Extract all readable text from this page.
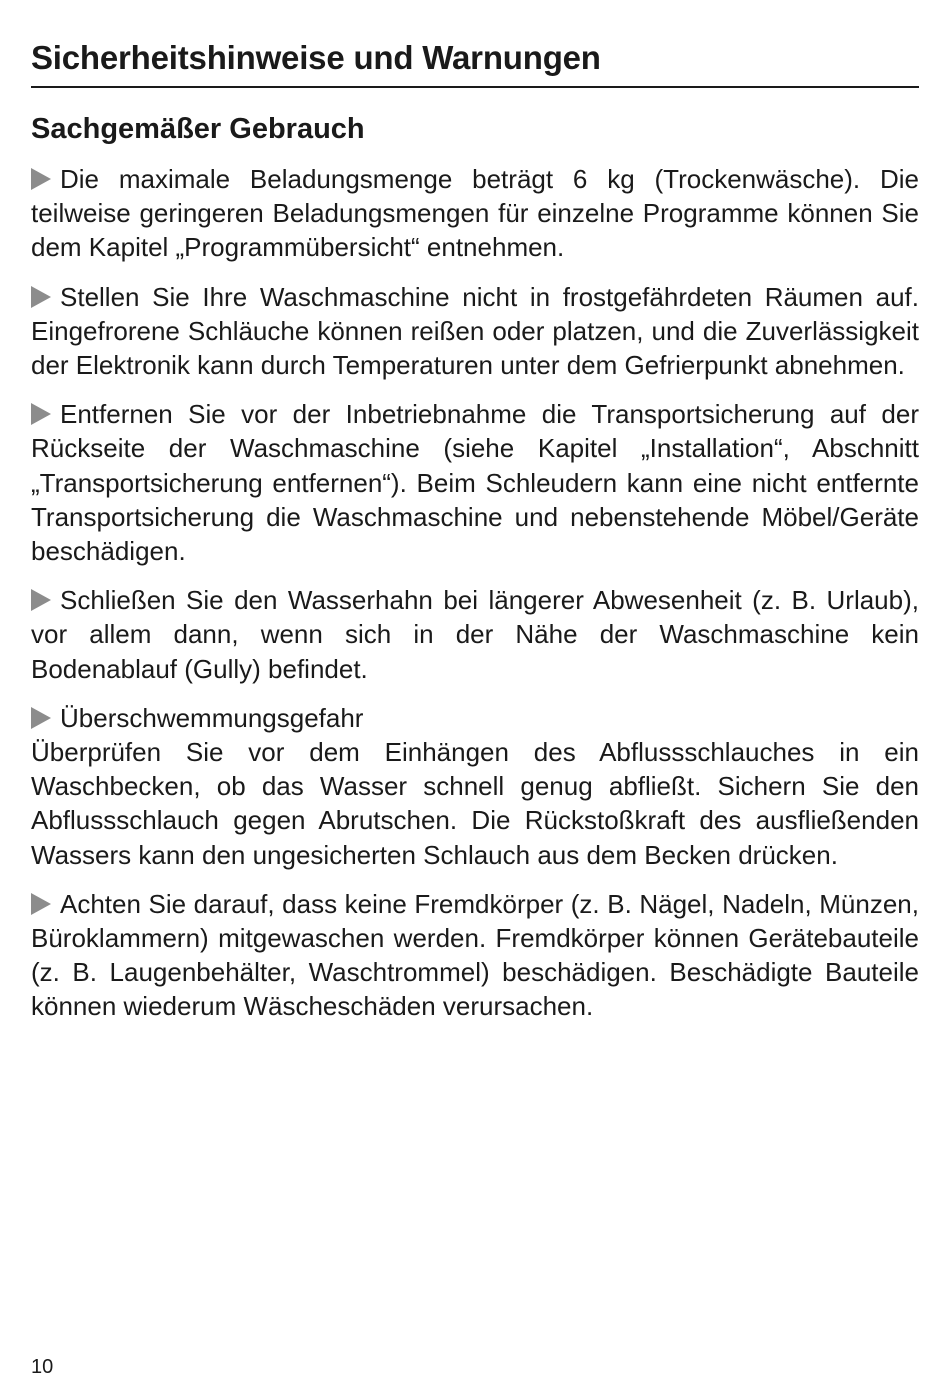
Sicherheitshinweise und Warnungen
Sachgemäßer Gebrauch

Die maximale Beladungsmenge beträgt 6 kg (Trockenwäsche). Die teilweise geringeren Beladungsmengen für einzelne Programme können Sie dem Kapitel „Programmübersicht“ entnehmen.

Stellen Sie Ihre Waschmaschine nicht in frostgefährdeten Räumen auf. Eingefrorene Schläuche können reißen oder platzen, und die Zuverlässigkeit der Elektronik kann durch Temperaturen unter dem Gefrierpunkt abnehmen.

Entfernen Sie vor der Inbetriebnahme die Transportsicherung auf der Rückseite der Waschmaschine (siehe Kapitel „Installation“, Abschnitt „Transportsicherung entfernen“). Beim Schleudern kann eine nicht entfernte Transportsicherung die Waschmaschine und nebenstehende Möbel/Geräte beschädigen.

Schließen Sie den Wasserhahn bei längerer Abwesenheit (z. B. Urlaub), vor allem dann, wenn sich in der Nähe der Waschmaschine kein Bodenablauf (Gully) befindet.

Überschwemmungsgefahr
Überprüfen Sie vor dem Einhängen des Abflussschlauches in ein Waschbecken, ob das Wasser schnell genug abfließt. Sichern Sie den Abflussschlauch gegen Abrutschen. Die Rückstoßkraft des ausfließenden Wassers kann den ungesicherten Schlauch aus dem Becken drücken.

Achten Sie darauf, dass keine Fremdkörper (z. B. Nägel, Nadeln, Münzen, Büroklammern) mitgewaschen werden. Fremdkörper können Gerätebauteile (z. B. Laugenbehälter, Waschtrommel) beschädigen. Beschädigte Bauteile können wiederum Wäscheschäden verursachen.

10
